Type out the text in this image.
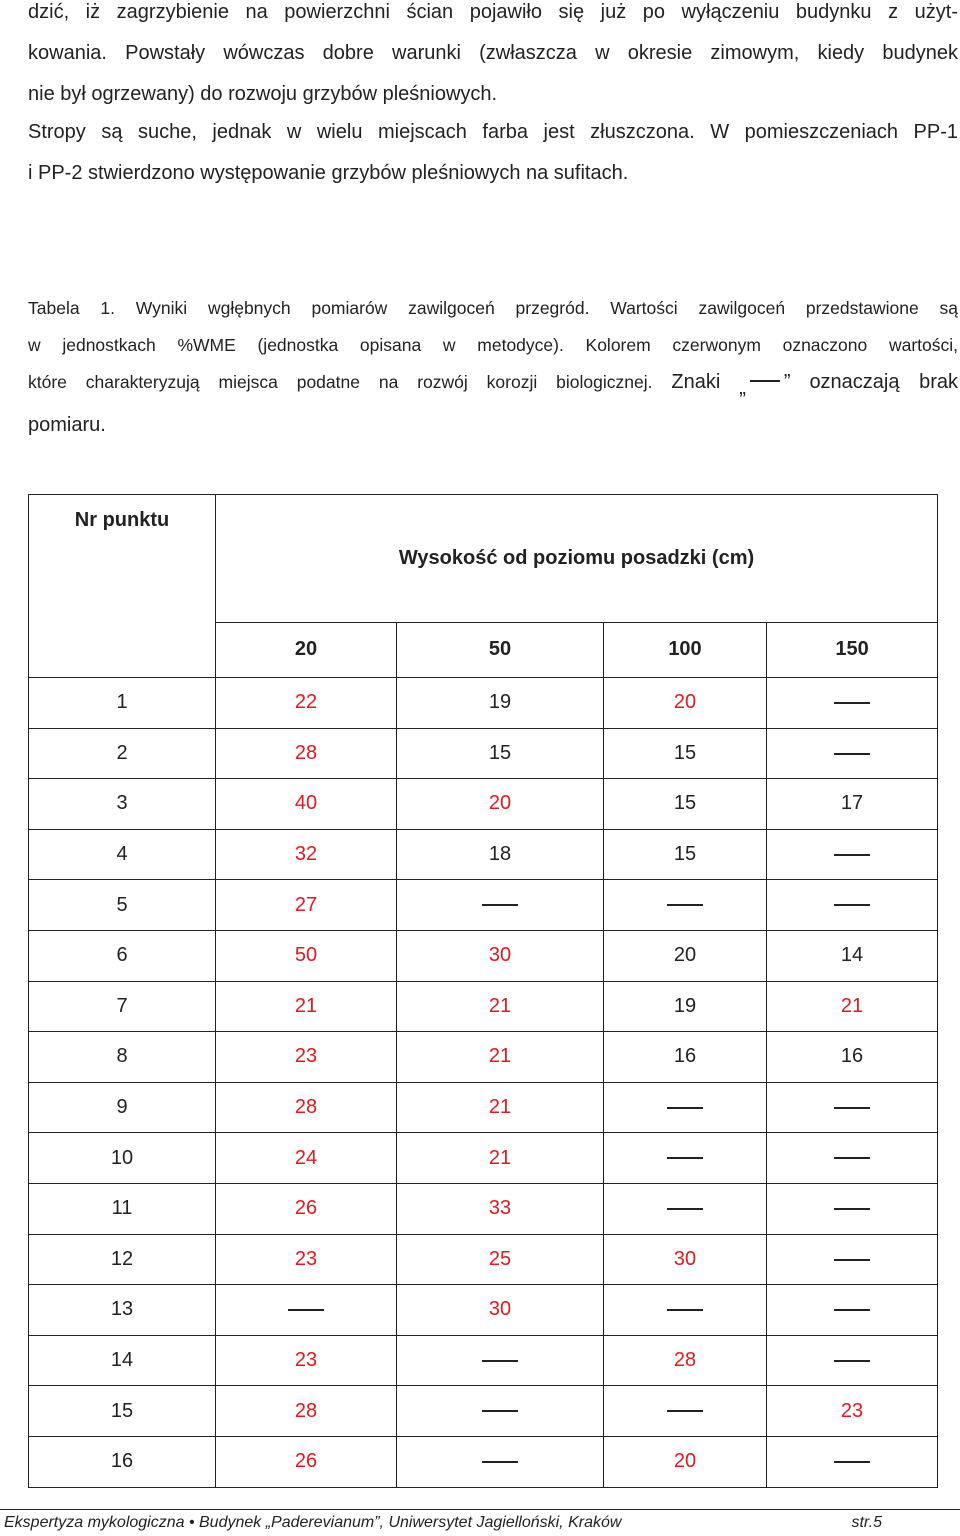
dzić, iż zagrzybienie na powierzchni ścian pojawiło się już po wyłączeniu budynku z użyt-
kowania. Powstały wówczas dobre warunki (zwłaszcza w okresie zimowym, kiedy budynek
nie był ogrzewany) do rozwoju grzybów pleśniowych.
Stropy są suche, jednak w wielu miejscach farba jest złuszczona. W pomieszczeniach PP-1
i PP-2 stwierdzono występowanie grzybów pleśniowych na sufitach.
Tabela 1. Wyniki wgłębnych pomiarów zawilgoceń przegród. Wartości zawilgoceń przedstawione są
w jednostkach %WME (jednostka opisana w metodyce). Kolorem czerwonym oznaczono wartości,
które charakteryzują miejsca podatne na rozwój korozji biologicznej. Znaki „ ” oznaczają brak
pomiaru.
Nr punktu	Wysokość od poziomu posadzki (cm)			
	20	50	100	150
1	22	19	20	
2	28	15	15	
3	40	20	15	17
4	32	18	15	
5	27			
6	50	30	20	14
7	21	21	19	21
8	23	21	16	16
9	28	21		
10	24	21		
11	26	33		
12	23	25	30	
13		30		
14	23		28	
15	28			23
16	26		20	
Ekspertyza mykologiczna • Budynek „Paderevianum”, Uniwersytet Jagielloński, Kraków	str.5
